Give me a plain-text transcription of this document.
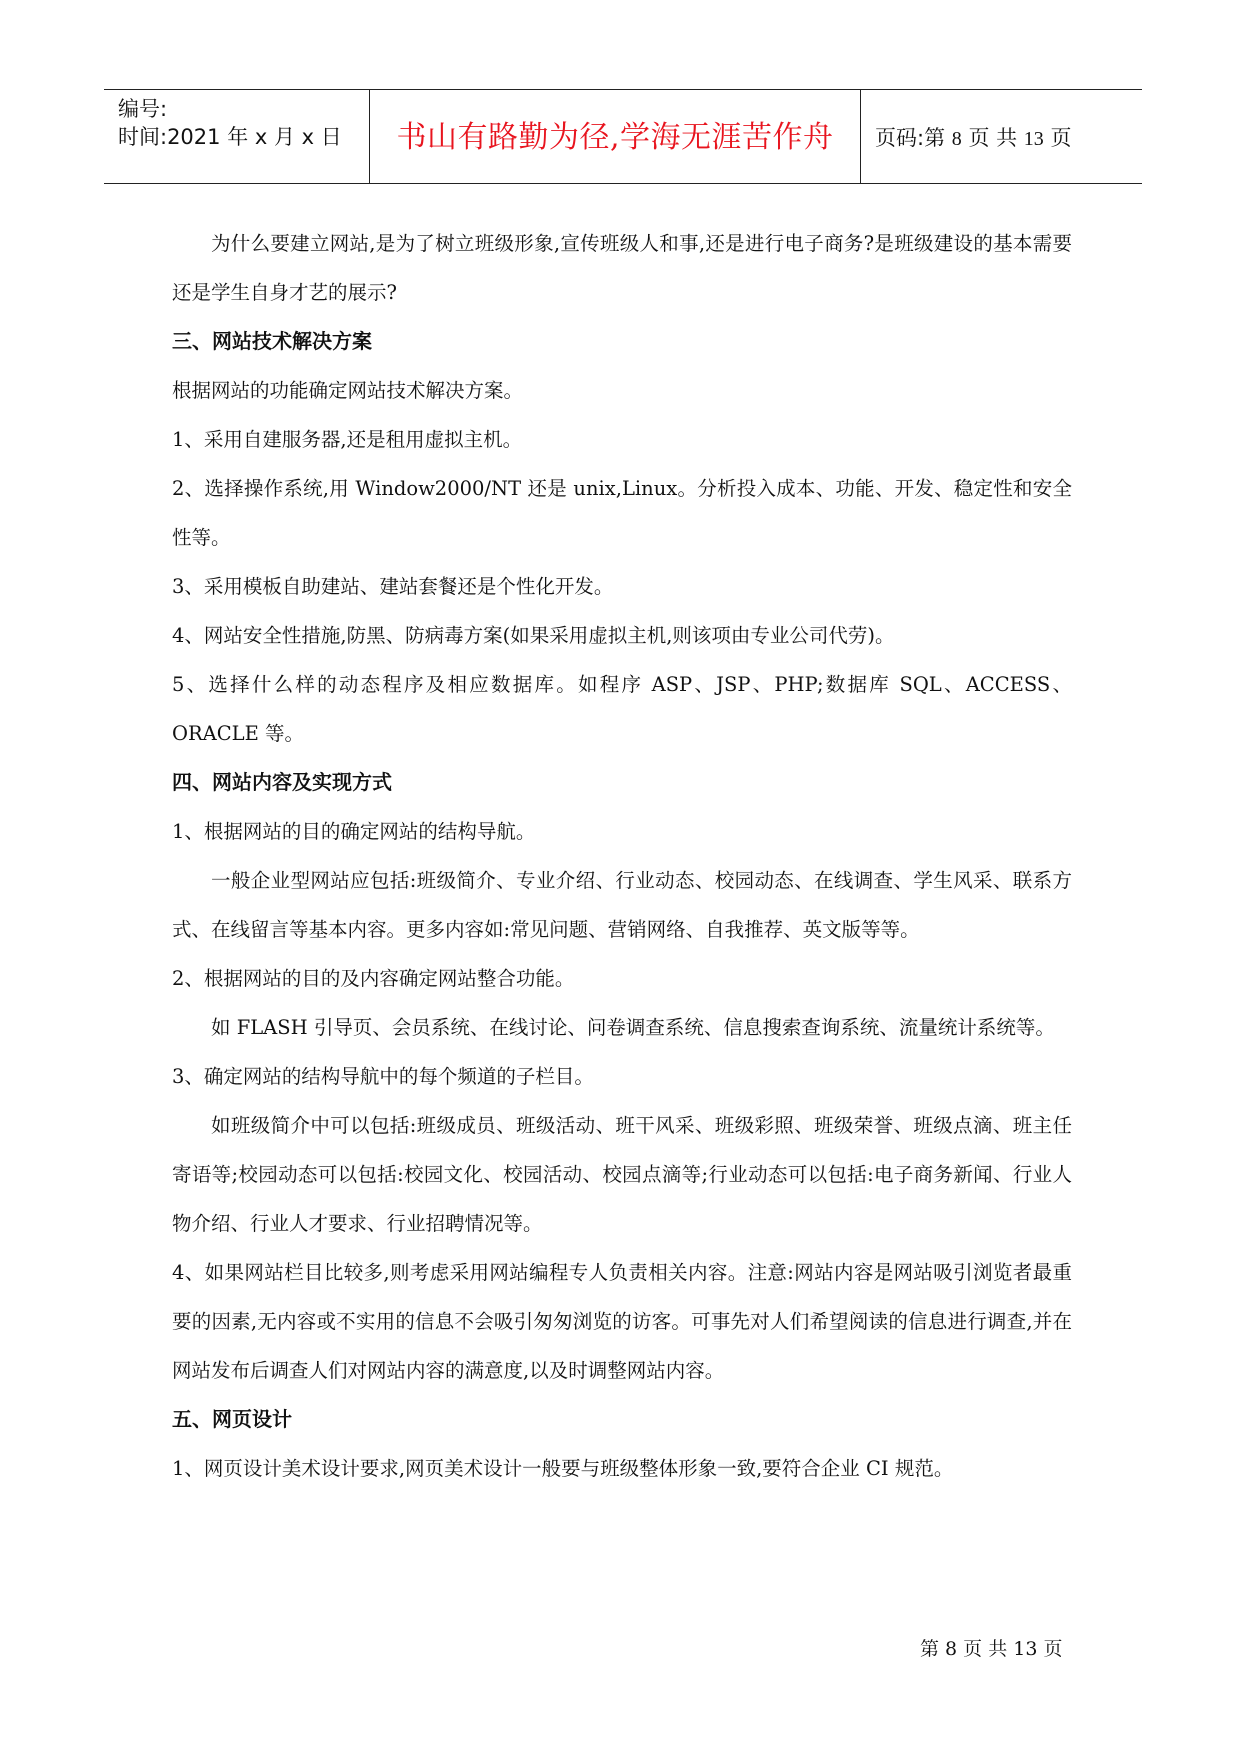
编号:
时间:2021 年 x 月 x 日	书山有路勤为径,学海无涯苦作舟	页码:第 8 页 共 13 页

为什么要建立网站,是为了树立班级形象,宣传班级人和事,还是进行电子商务?是班级建设的基本需要还是学生自身才艺的展示?

三、网站技术解决方案

根据网站的功能确定网站技术解决方案。

1、采用自建服务器,还是租用虚拟主机。

2、选择操作系统,用 Window2000/NT 还是 unix,Linux。分析投入成本、功能、开发、稳定性和安全性等。

3、采用模板自助建站、建站套餐还是个性化开发。

4、网站安全性措施,防黑、防病毒方案(如果采用虚拟主机,则该项由专业公司代劳)。

5、选择什么样的动态程序及相应数据库。如程序 ASP、JSP、PHP;数据库 SQL、ACCESS、ORACLE 等。

四、网站内容及实现方式

1、根据网站的目的确定网站的结构导航。

一般企业型网站应包括:班级简介、专业介绍、行业动态、校园动态、在线调查、学生风采、联系方式、在线留言等基本内容。更多内容如:常见问题、营销网络、自我推荐、英文版等等。

2、根据网站的目的及内容确定网站整合功能。

如 FLASH 引导页、会员系统、在线讨论、问卷调查系统、信息搜索查询系统、流量统计系统等。

3、确定网站的结构导航中的每个频道的子栏目。

如班级简介中可以包括:班级成员、班级活动、班干风采、班级彩照、班级荣誉、班级点滴、班主任寄语等;校园动态可以包括:校园文化、校园活动、校园点滴等;行业动态可以包括:电子商务新闻、行业人物介绍、行业人才要求、行业招聘情况等。

4、如果网站栏目比较多,则考虑采用网站编程专人负责相关内容。注意:网站内容是网站吸引浏览者最重要的因素,无内容或不实用的信息不会吸引匆匆浏览的访客。可事先对人们希望阅读的信息进行调查,并在网站发布后调查人们对网站内容的满意度,以及时调整网站内容。

五、网页设计

1、网页设计美术设计要求,网页美术设计一般要与班级整体形象一致,要符合企业 CI 规范。

第 8 页 共 13 页
